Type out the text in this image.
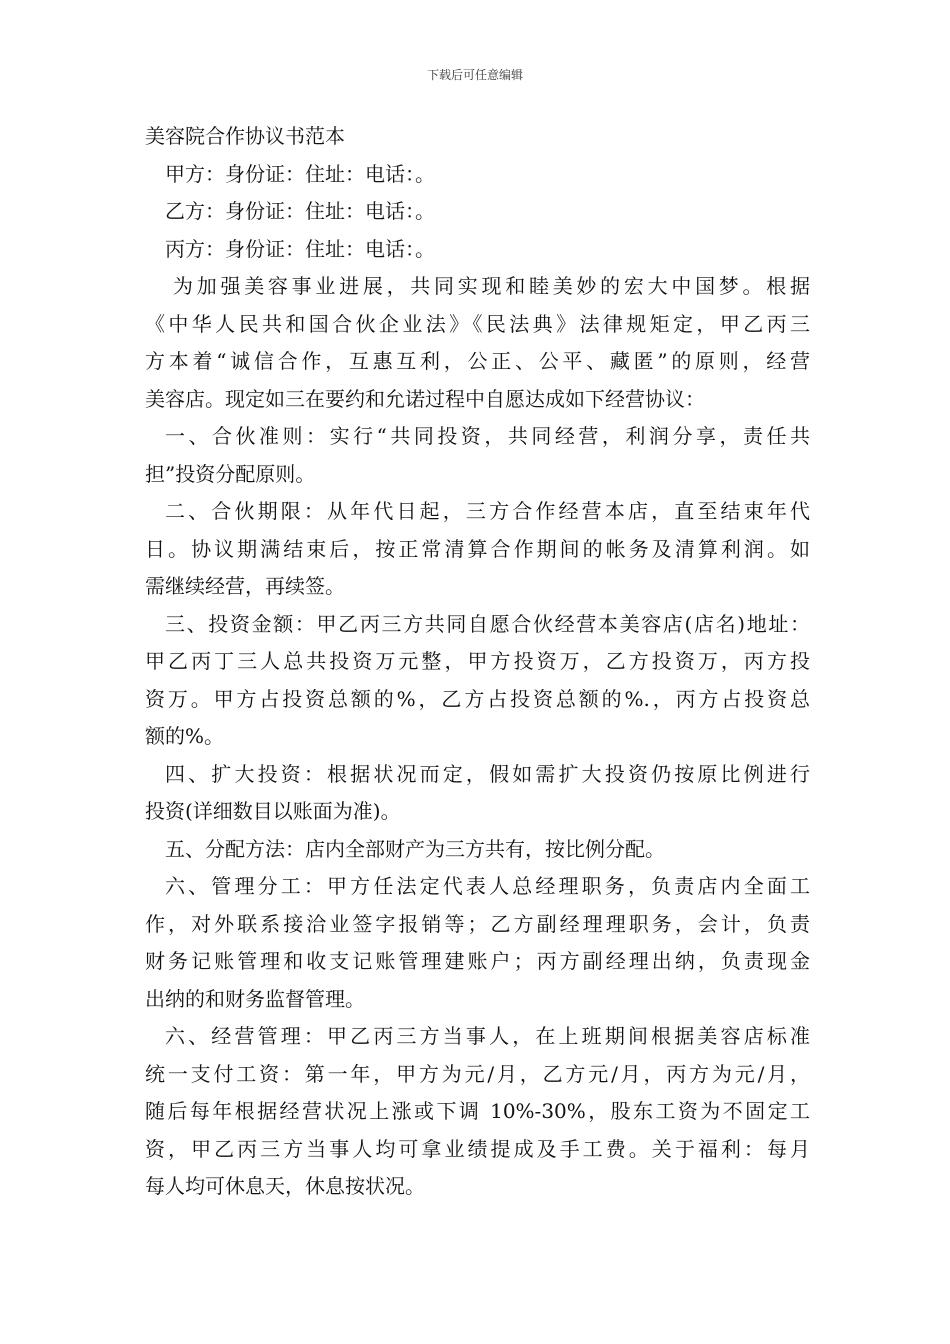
下载后可任意编辑
美容院合作协议书范本
甲方：身份证：住址：电话：。
乙方：身份证：住址：电话：。
丙方：身份证：住址：电话：。
为加强美容事业进展，共同实现和睦美妙的宏大中国梦。根据
《中华人民共和国合伙企业法》《民法典》法律规矩定，甲乙丙三
方本着“诚信合作，互惠互利，公正、公平、藏匿”的原则，经营
美容店。现定如三在要约和允诺过程中自愿达成如下经营协议：
一、合伙准则：实行“共同投资，共同经营，利润分享，责任共
担”投资分配原则。
二、合伙期限：从年代日起，三方合作经营本店，直至结束年代
日。协议期满结束后，按正常清算合作期间的帐务及清算利润。如
需继续经营，再续签。
三、投资金额：甲乙丙三方共同自愿合伙经营本美容店(店名)地址：
甲乙丙丁三人总共投资万元整，甲方投资万，乙方投资万，丙方投
资万。甲方占投资总额的%，乙方占投资总额的%.，丙方占投资总
额的%。
四、扩大投资：根据状况而定，假如需扩大投资仍按原比例进行
投资(详细数目以账面为准)。
五、分配方法：店内全部财产为三方共有，按比例分配。
六、管理分工：甲方任法定代表人总经理职务，负责店内全面工
作，对外联系接洽业签字报销等；乙方副经理理职务，会计，负责
财务记账管理和收支记账管理建账户；丙方副经理出纳，负责现金
出纳的和财务监督管理。
六、经营管理：甲乙丙三方当事人，在上班期间根据美容店标准
统一支付工资：第一年，甲方为元/月，乙方元/月，丙方为元/月，
随后每年根据经营状况上涨或下调 10%-30%，股东工资为不固定工
资，甲乙丙三方当事人均可拿业绩提成及手工费。关于福利：每月
每人均可休息天，休息按状况。
